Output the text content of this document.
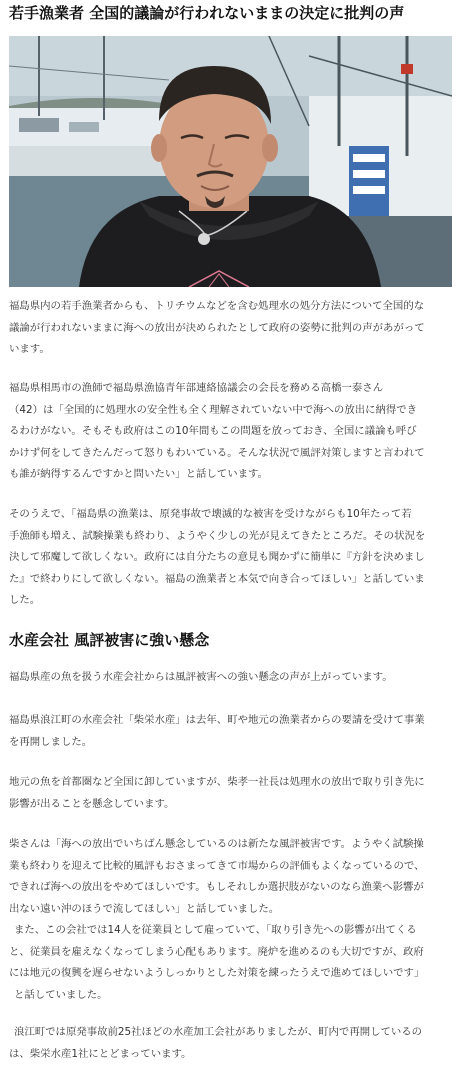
若手漁業者 全国的議論が行われないままの決定に批判の声
福島県内の若手漁業者からも、トリチウムなどを含む処理水の処分方法について全国的な
議論が行われないままに海への放出が決められたとして政府の姿勢に批判の声があがって
います。
福島県相馬市の漁師で福島県漁協青年部連絡協議会の会長を務める高橋一泰さん
（42）は「全国的に処理水の安全性も全く理解されていない中で海への放出に納得でき
るわけがない。そもそも政府はこの10年間もこの問題を放っておき、全国に議論も呼び
かけず何をしてきたんだって怒りもわいている。そんな状況で風評対策しますと言われて
も誰が納得するんですかと問いたい」と話しています。
そのうえで、「福島県の漁業は、原発事故で壊滅的な被害を受けながらも10年たって若
手漁師も増え、試験操業も終わり、ようやく少しの光が見えてきたところだ。その状況を
決して邪魔して欲しくない。政府には自分たちの意見も聞かずに簡単に『方針を決めまし
た』で終わりにして欲しくない。福島の漁業者と本気で向き合ってほしい」と話していま
した。
水産会社 風評被害に強い懸念
福島県産の魚を扱う水産会社からは風評被害への強い懸念の声が上がっています。
福島県浪江町の水産会社「柴栄水産」は去年、町や地元の漁業者からの要請を受けて事業
を再開しました。
地元の魚を首都圏など全国に卸していますが、柴孝一社長は処理水の放出で取り引き先に
影響が出ることを懸念しています。
柴さんは「海への放出でいちばん懸念しているのは新たな風評被害です。ようやく試験操
業も終わりを迎えて比較的風評もおさまってきて市場からの評価もよくなっているので、
できれば海への放出をやめてほしいです。もしそれしか選択肢がないのなら漁業へ影響が
出ない遠い沖のほうで流してほしい」と話していました。
また、この会社では14人を従業員として雇っていて、「取り引き先への影響が出てくる
と、従業員を雇えなくなってしまう心配もあります。廃炉を進めるのも大切ですが、政府
には地元の復興を遅らせないようしっかりとした対策を練ったうえで進めてほしいです」
と話していました。
浪江町では原発事故前25社ほどの水産加工会社がありましたが、町内で再開しているの
は、柴栄水産1社にとどまっています。
